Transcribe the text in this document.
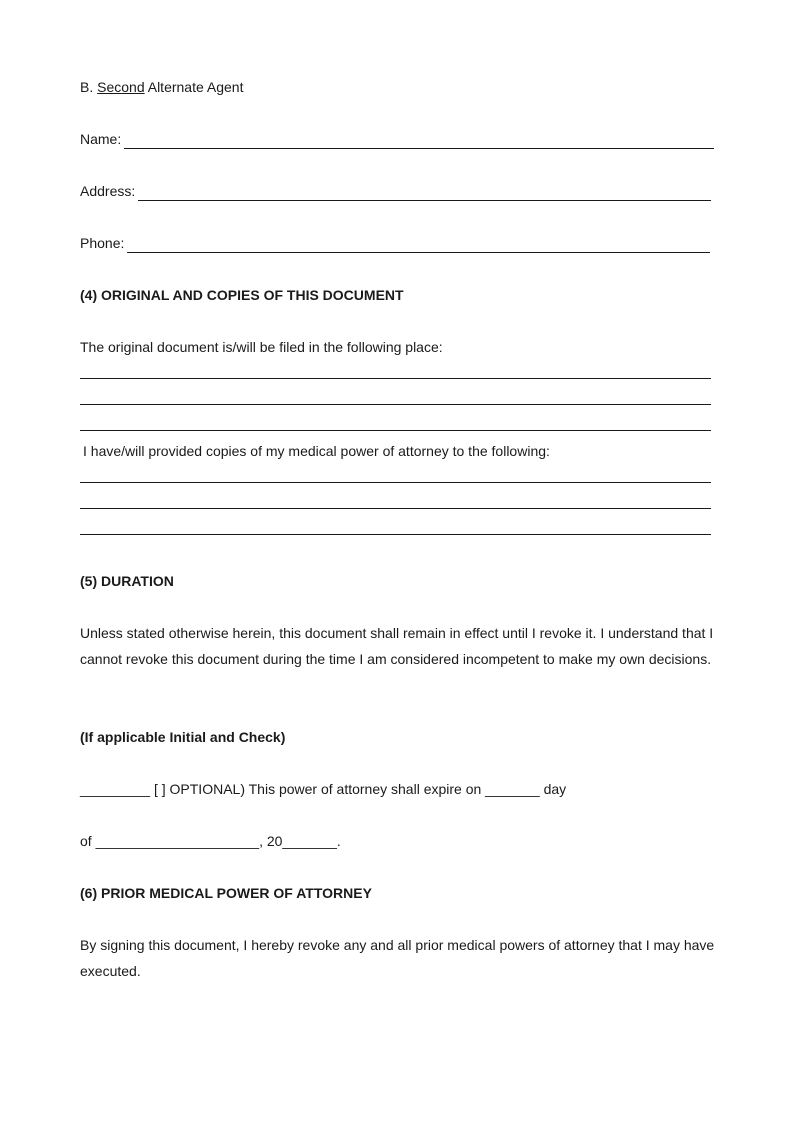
B. Second Alternate Agent
Name:
Address:
Phone:
(4) ORIGINAL AND COPIES OF THIS DOCUMENT
The original document is/will be filed in the following place:
I have/will provided copies of my medical power of attorney to the following:
(5) DURATION
Unless stated otherwise herein, this document shall remain in effect until I revoke it. I understand that I cannot revoke this document during the time I am considered incompetent to make my own decisions.
(If applicable Initial and Check)
_________ [ ] OPTIONAL) This power of attorney shall expire on _______ day
of _____________________, 20_______.
(6) PRIOR MEDICAL POWER OF ATTORNEY
By signing this document, I hereby revoke any and all prior medical powers of attorney that I may have executed.
